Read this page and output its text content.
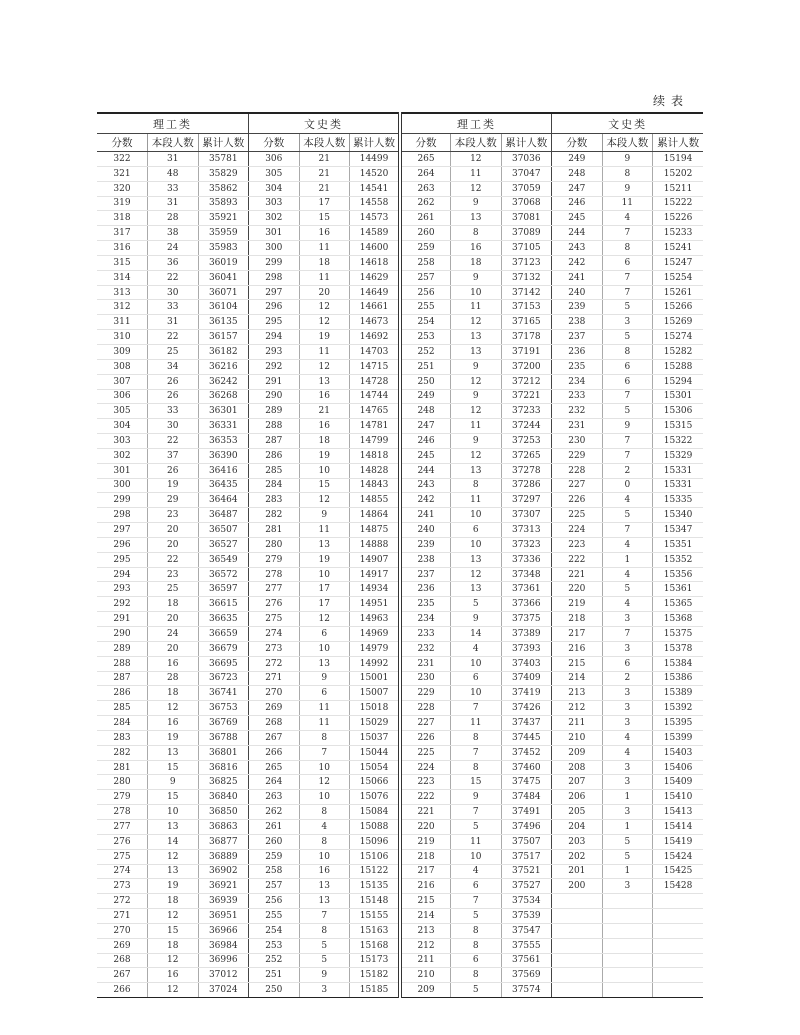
续表
理工类			文史类			理工类			文史类		
分数	本段人数	累计人数	分数	本段人数	累计人数	分数	本段人数	累计人数	分数	本段人数	累计人数
322	31	35781	306	21	14499	265	12	37036	249	9	15194
321	48	35829	305	21	14520	264	11	37047	248	8	15202
320	33	35862	304	21	14541	263	12	37059	247	9	15211
319	31	35893	303	17	14558	262	9	37068	246	11	15222
318	28	35921	302	15	14573	261	13	37081	245	4	15226
317	38	35959	301	16	14589	260	8	37089	244	7	15233
316	24	35983	300	11	14600	259	16	37105	243	8	15241
315	36	36019	299	18	14618	258	18	37123	242	6	15247
314	22	36041	298	11	14629	257	9	37132	241	7	15254
313	30	36071	297	20	14649	256	10	37142	240	7	15261
312	33	36104	296	12	14661	255	11	37153	239	5	15266
311	31	36135	295	12	14673	254	12	37165	238	3	15269
310	22	36157	294	19	14692	253	13	37178	237	5	15274
309	25	36182	293	11	14703	252	13	37191	236	8	15282
308	34	36216	292	12	14715	251	9	37200	235	6	15288
307	26	36242	291	13	14728	250	12	37212	234	6	15294
306	26	36268	290	16	14744	249	9	37221	233	7	15301
305	33	36301	289	21	14765	248	12	37233	232	5	15306
304	30	36331	288	16	14781	247	11	37244	231	9	15315
303	22	36353	287	18	14799	246	9	37253	230	7	15322
302	37	36390	286	19	14818	245	12	37265	229	7	15329
301	26	36416	285	10	14828	244	13	37278	228	2	15331
300	19	36435	284	15	14843	243	8	37286	227	0	15331
299	29	36464	283	12	14855	242	11	37297	226	4	15335
298	23	36487	282	9	14864	241	10	37307	225	5	15340
297	20	36507	281	11	14875	240	6	37313	224	7	15347
296	20	36527	280	13	14888	239	10	37323	223	4	15351
295	22	36549	279	19	14907	238	13	37336	222	1	15352
294	23	36572	278	10	14917	237	12	37348	221	4	15356
293	25	36597	277	17	14934	236	13	37361	220	5	15361
292	18	36615	276	17	14951	235	5	37366	219	4	15365
291	20	36635	275	12	14963	234	9	37375	218	3	15368
290	24	36659	274	6	14969	233	14	37389	217	7	15375
289	20	36679	273	10	14979	232	4	37393	216	3	15378
288	16	36695	272	13	14992	231	10	37403	215	6	15384
287	28	36723	271	9	15001	230	6	37409	214	2	15386
286	18	36741	270	6	15007	229	10	37419	213	3	15389
285	12	36753	269	11	15018	228	7	37426	212	3	15392
284	16	36769	268	11	15029	227	11	37437	211	3	15395
283	19	36788	267	8	15037	226	8	37445	210	4	15399
282	13	36801	266	7	15044	225	7	37452	209	4	15403
281	15	36816	265	10	15054	224	8	37460	208	3	15406
280	9	36825	264	12	15066	223	15	37475	207	3	15409
279	15	36840	263	10	15076	222	9	37484	206	1	15410
278	10	36850	262	8	15084	221	7	37491	205	3	15413
277	13	36863	261	4	15088	220	5	37496	204	1	15414
276	14	36877	260	8	15096	219	11	37507	203	5	15419
275	12	36889	259	10	15106	218	10	37517	202	5	15424
274	13	36902	258	16	15122	217	4	37521	201	1	15425
273	19	36921	257	13	15135	216	6	37527	200	3	15428
272	18	36939	256	13	15148	215	7	37534			
271	12	36951	255	7	15155	214	5	37539			
270	15	36966	254	8	15163	213	8	37547			
269	18	36984	253	5	15168	212	8	37555			
268	12	36996	252	5	15173	211	6	37561			
267	16	37012	251	9	15182	210	8	37569			
266	12	37024	250	3	15185	209	5	37574			
